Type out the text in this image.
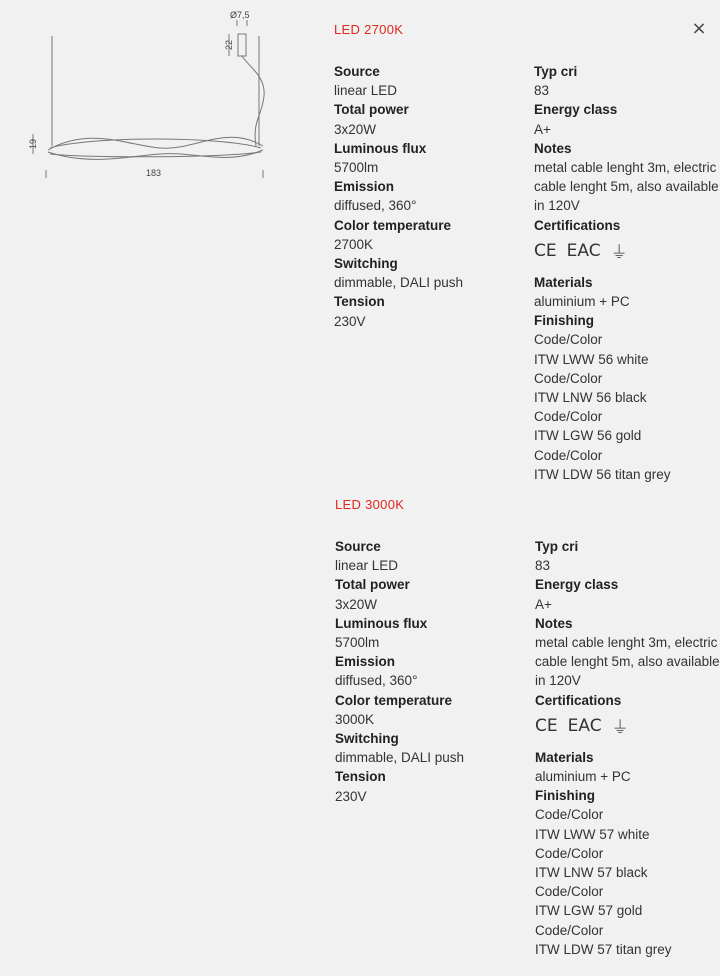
Ø7,5
22
19
183
×
LED 2700K
Source
linear LED
Total power
3x20W
Luminous flux
5700lm
Emission
diffused, 360°
Color temperature
2700K
Switching
dimmable, DALI push
Tension
230V
Typ cri
83
Energy class
A+
Notes
metal cable lenght 3m, electric cable lenght 5m, also available in 120V
Certifications
CE EAC ⏚
Materials
aluminium + PC
Finishing
Code/Color
ITW LWW 56 white
Code/Color
ITW LNW 56 black
Code/Color
ITW LGW 56 gold
Code/Color
ITW LDW 56 titan grey
LED 3000K
Source
linear LED
Total power
3x20W
Luminous flux
5700lm
Emission
diffused, 360°
Color temperature
3000K
Switching
dimmable, DALI push
Tension
230V
Typ cri
83
Energy class
A+
Notes
metal cable lenght 3m, electric cable lenght 5m, also available in 120V
Certifications
CE EAC ⏚
Materials
aluminium + PC
Finishing
Code/Color
ITW LWW 57 white
Code/Color
ITW LNW 57 black
Code/Color
ITW LGW 57 gold
Code/Color
ITW LDW 57 titan grey
